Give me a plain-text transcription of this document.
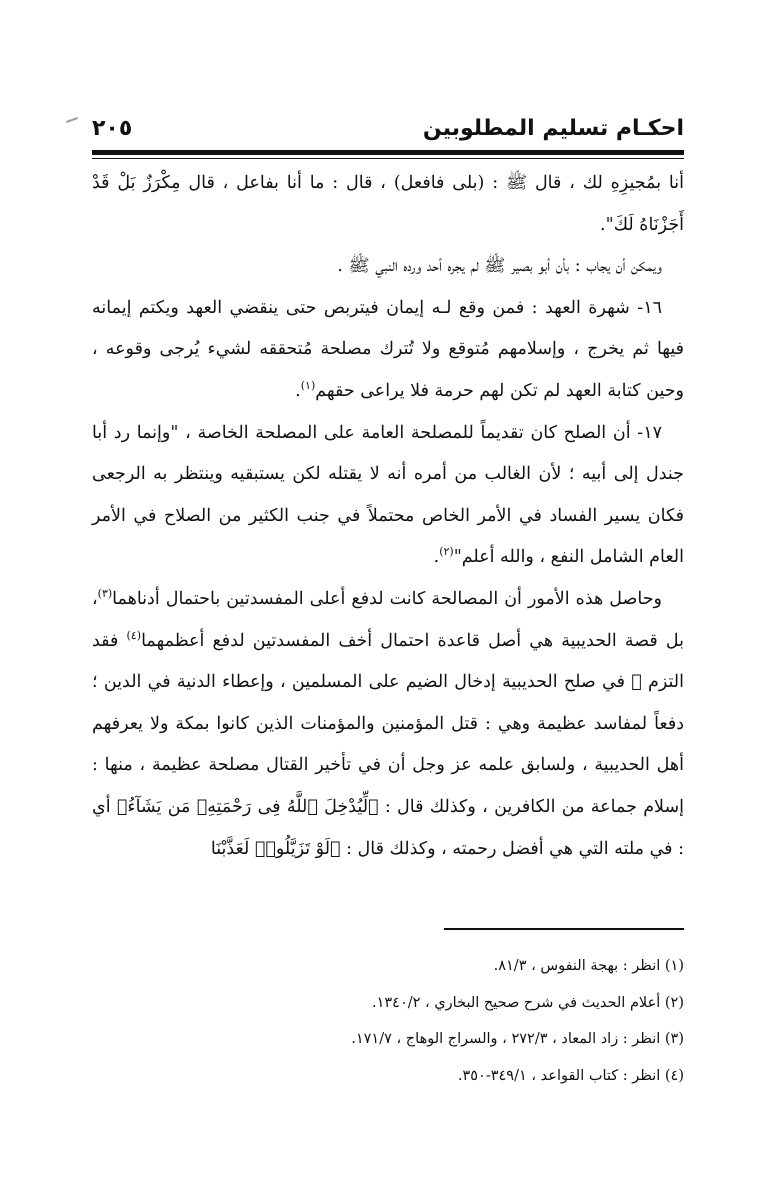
احكـام تسليم المطلوبين
٢٠٥

أنا بمُجيزِهِ لك ، قال ﷺ : (بلى فافعل) ، قال : ما أنا بفاعل ، قال مِكْرَزٌ بَلْ قَدْ أَجَزْنَاهُ لَكَ".

ويمكن أن يجاب : بأن أبو بصير ﷺ لم يجره أحد ورده النبي ﷺ .

١٦- شهرة العهد : فمن وقع لـه إيمان فيتربص حتى ينقضي العهد ويكتم إيمانه فيها ثم يخرج ، وإسلامهم مُتوقع ولا تُترك مصلحة مُتحققه لشيء يُرجى وقوعه ، وحين كتابة العهد لم تكن لهم حرمة فلا يراعى حقهم$^{(١)}$.

١٧- أن الصلح كان تقديماً للمصلحة العامة على المصلحة الخاصة ، "وإنما رد أبا جندل إلى أبيه ؛ لأن الغالب من أمره أنه لا يقتله لكن يستبقيه وينتظر به الرجعى فكان يسير الفساد في الأمر الخاص محتملاً في جنب الكثير من الصلاح في الأمر العام الشامل النفع ، والله أعلم"$^{(٢)}$.

وحاصل هذه الأمور أن المصالحة كانت لدفع أعلى المفسدتين باحتمال أدناهما$^{(٣)}$، بل قصة الحديبية هي أصل قاعدة احتمال أخف المفسدتين لدفع أعظمهما$^{(٤)}$ فقد التزم ﷺ في صلح الحديبية إدخال الضيم على المسلمين ، وإعطاء الدنية في الدين ؛ دفعاً لمفاسد عظيمة وهي : قتل المؤمنين والمؤمنات الذين كانوا بمكة ولا يعرفهم أهل الحديبية ، ولسابق علمه عز وجل أن في تأخير القتال مصلحة عظيمة ، منها : إسلام جماعة من الكافرين ، وكذلك قال : ﴿لِّيُدْخِلَ ٱللَّهُ فِى رَحْمَتِهِۦ مَن يَشَآءُ﴾ أي : في ملته التي هي أفضل رحمته ، وكذلك قال : ﴿لَوْ تَزَيَّلُوا۟ لَعَذَّبْنَا

(١) انظر : بهجة النفوس ، ٨١/٣.

(٢) أعلام الحديث في شرح صحيح البخاري ، ١٣٤٠/٢.

(٣) انظر : زاد المعاد ، ٢٧٢/٣ ، والسراج الوهاج ، ١٧١/٧.

(٤) انظر : كتاب القواعد ، ٣٤٩/١-٣٥٠.
